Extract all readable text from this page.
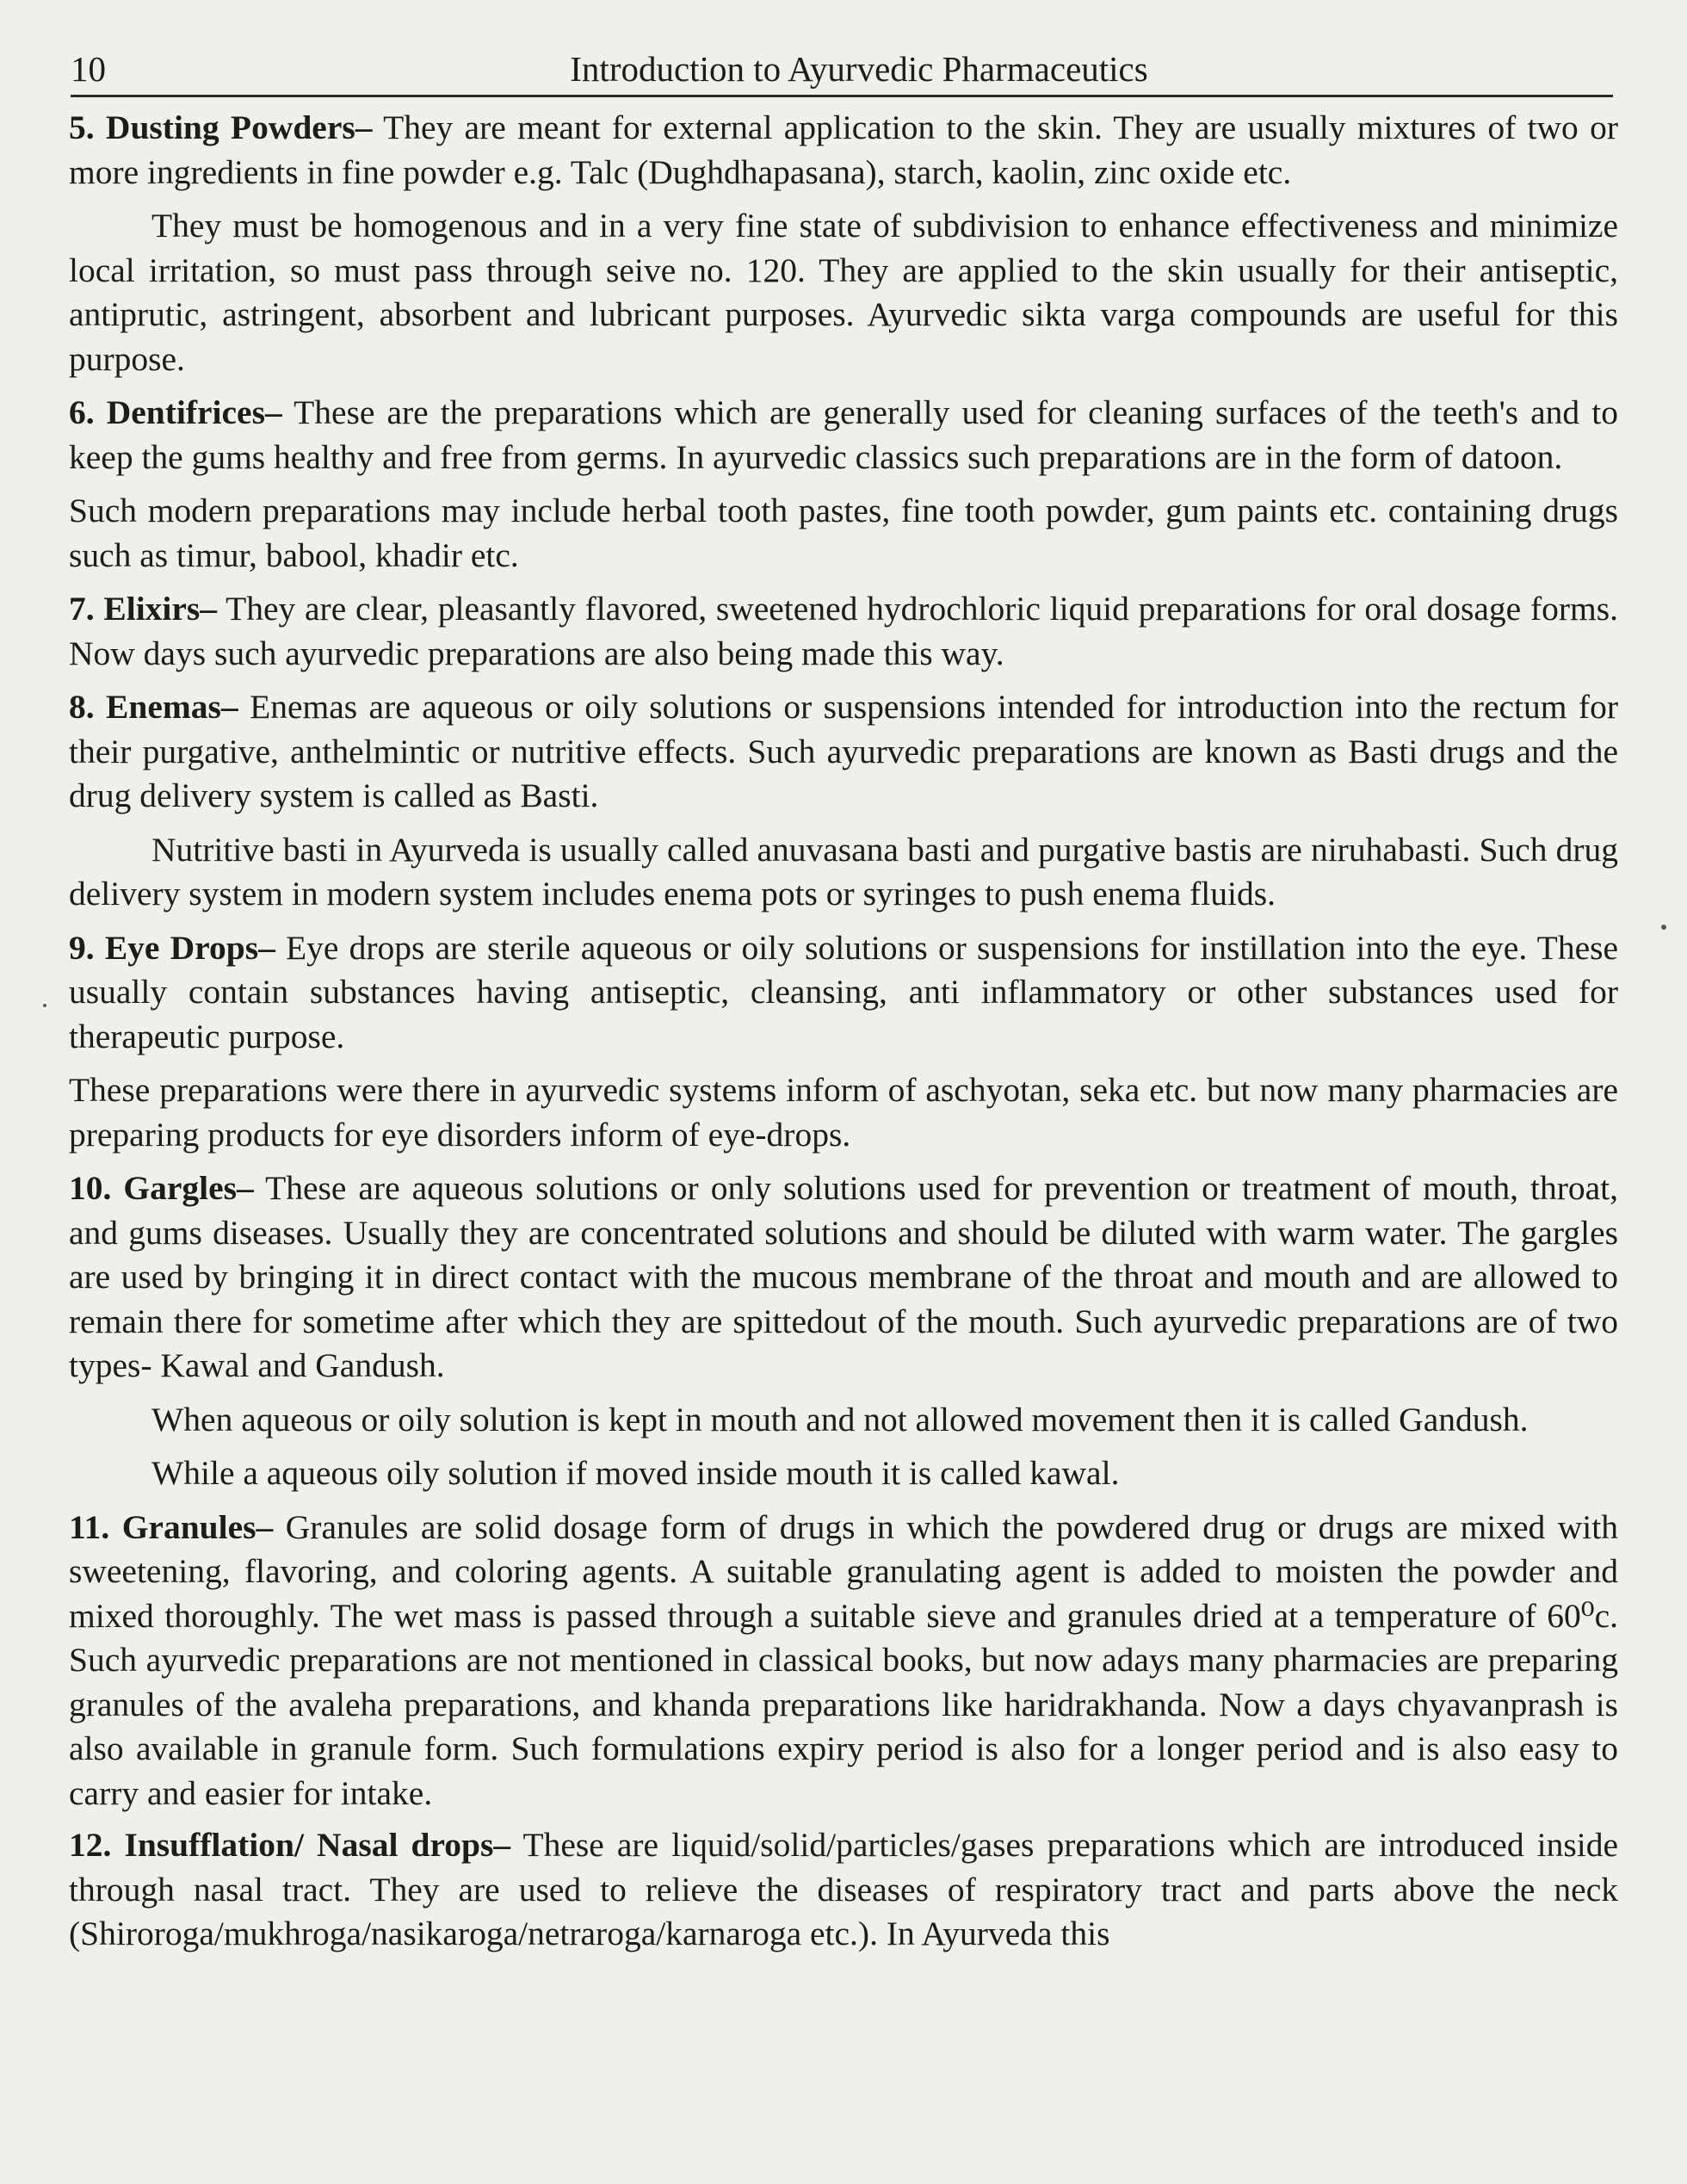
10	Introduction to Ayurvedic Pharmaceutics

5. Dusting Powders– They are meant for external application to the skin. They are usually mixtures of two or more ingredients in fine powder e.g. Talc (Dughdhapasana), starch, kaolin, zinc oxide etc.

They must be homogenous and in a very fine state of subdivision to enhance effectiveness and minimize local irritation, so must pass through seive no. 120. They are applied to the skin usually for their antiseptic, antiprutic, astringent, absorbent and lubricant purposes. Ayurvedic sikta varga compounds are useful for this purpose.

6. Dentifrices– These are the preparations which are generally used for cleaning surfaces of the teeth's and to keep the gums healthy and free from germs. In ayurvedic classics such preparations are in the form of datoon.

Such modern preparations may include herbal tooth pastes, fine tooth powder, gum paints etc. containing drugs such as timur, babool, khadir etc.

7. Elixirs– They are clear, pleasantly flavored, sweetened hydrochloric liquid preparations for oral dosage forms. Now days such ayurvedic preparations are also being made this way.

8. Enemas– Enemas are aqueous or oily solutions or suspensions intended for introduction into the rectum for their purgative, anthelmintic or nutritive effects. Such ayurvedic preparations are known as Basti drugs and the drug delivery system is called as Basti.

Nutritive basti in Ayurveda is usually called anuvasana basti and purgative bastis are niruhabasti. Such drug delivery system in modern system includes enema pots or syringes to push enema fluids.

9. Eye Drops– Eye drops are sterile aqueous or oily solutions or suspensions for instillation into the eye. These usually contain substances having antiseptic, cleansing, anti inflammatory or other substances used for therapeutic purpose.

These preparations were there in ayurvedic systems inform of aschyotan, seka etc. but now many pharmacies are preparing products for eye disorders inform of eye-drops.

10. Gargles– These are aqueous solutions or only solutions used for prevention or treatment of mouth, throat, and gums diseases. Usually they are concentrated solutions and should be diluted with warm water. The gargles are used by bringing it in direct contact with the mucous membrane of the throat and mouth and are allowed to remain there for sometime after which they are spittedout of the mouth. Such ayurvedic preparations are of two types- Kawal and Gandush.

When aqueous or oily solution is kept in mouth and not allowed movement then it is called Gandush.

While a aqueous oily solution if moved inside mouth it is called kawal.

11. Granules– Granules are solid dosage form of drugs in which the powdered drug or drugs are mixed with sweetening, flavoring, and coloring agents. A suitable granulating agent is added to moisten the powder and mixed thoroughly. The wet mass is passed through a suitable sieve and granules dried at a temperature of 60⁰c. Such ayurvedic preparations are not mentioned in classical books, but now adays many pharmacies are preparing granules of the avaleha preparations, and khanda preparations like haridrakhanda. Now a days chyavanprash is also available in granule form. Such formulations expiry period is also for a longer period and is also easy to carry and easier for intake.

12. Insufflation/ Nasal drops– These are liquid/solid/particles/gases preparations which are introduced inside through nasal tract. They are used to relieve the diseases of respiratory tract and parts above the neck (Shiroroga/mukhroga/nasikaroga/netraroga/karnaroga etc.). In Ayurveda this
